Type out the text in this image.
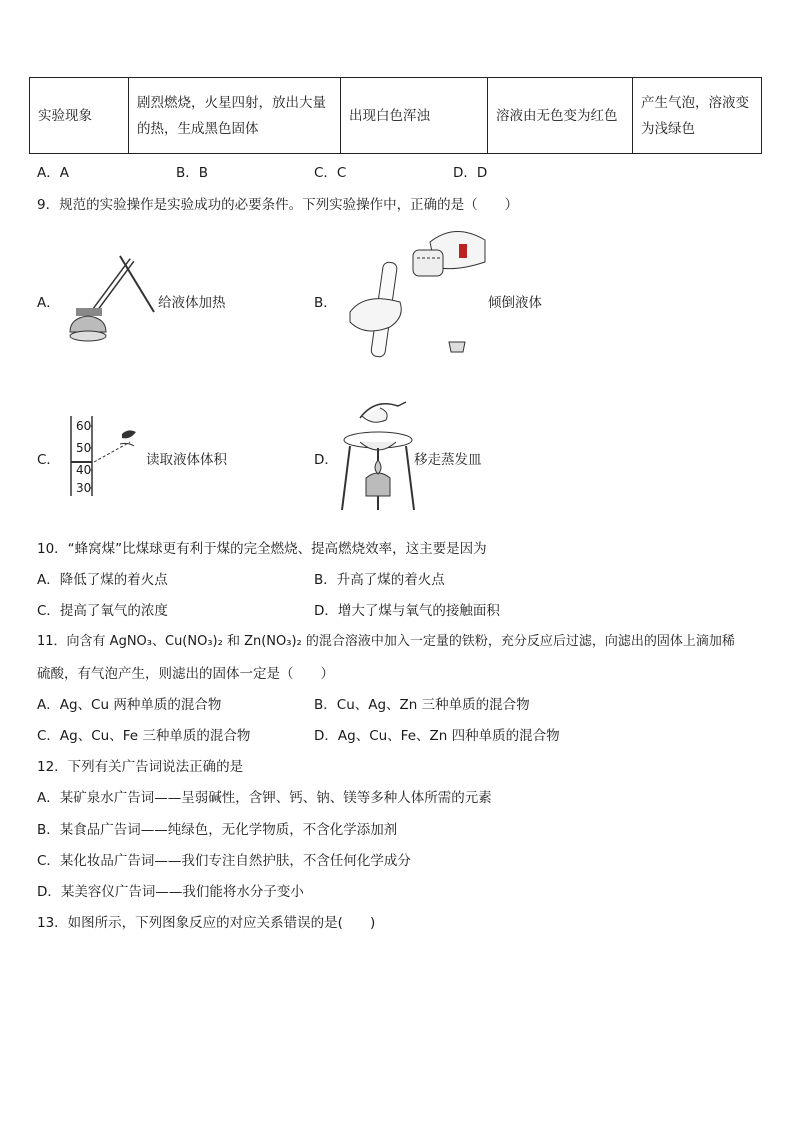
实验现象	剧烈燃烧，火星四射，放出大量的热，生成黑色固体	出现白色浑浊	溶液由无色变为红色	产生气泡，溶液变为浅绿色
A．A	B．B	C．C	D．D
9．规范的实验操作是实验成功的必要条件。下列实验操作中，正确的是（　　）
A．	给液体加热	B．	倾倒液体
C．
60
50
40
30
读取液体体积	D．	移走蒸发皿
10．“蜂窝煤”比煤球更有利于煤的完全燃烧、提高燃烧效率，这主要是因为
A．降低了煤的着火点	B．升高了煤的着火点
C．提高了氧气的浓度	D．增大了煤与氧气的接触面积
11．向含有 AgNO₃、Cu(NO₃)₂ 和 Zn(NO₃)₂ 的混合溶液中加入一定量的铁粉，充分反应后过滤，向滤出的固体上滴加稀
硫酸，有气泡产生，则滤出的固体一定是（　　）
A．Ag、Cu 两种单质的混合物	B．Cu、Ag、Zn 三种单质的混合物
C．Ag、Cu、Fe 三种单质的混合物	D．Ag、Cu、Fe、Zn 四种单质的混合物
12．下列有关广告词说法正确的是
A．某矿泉水广告词——呈弱碱性，含钾、钙、钠、镁等多种人体所需的元素
B．某食品广告词——纯绿色，无化学物质，不含化学添加剂
C．某化妆品广告词——我们专注自然护肤，不含任何化学成分
D．某美容仪广告词——我们能将水分子变小
13．如图所示，下列图象反应的对应关系错误的是(　　)
